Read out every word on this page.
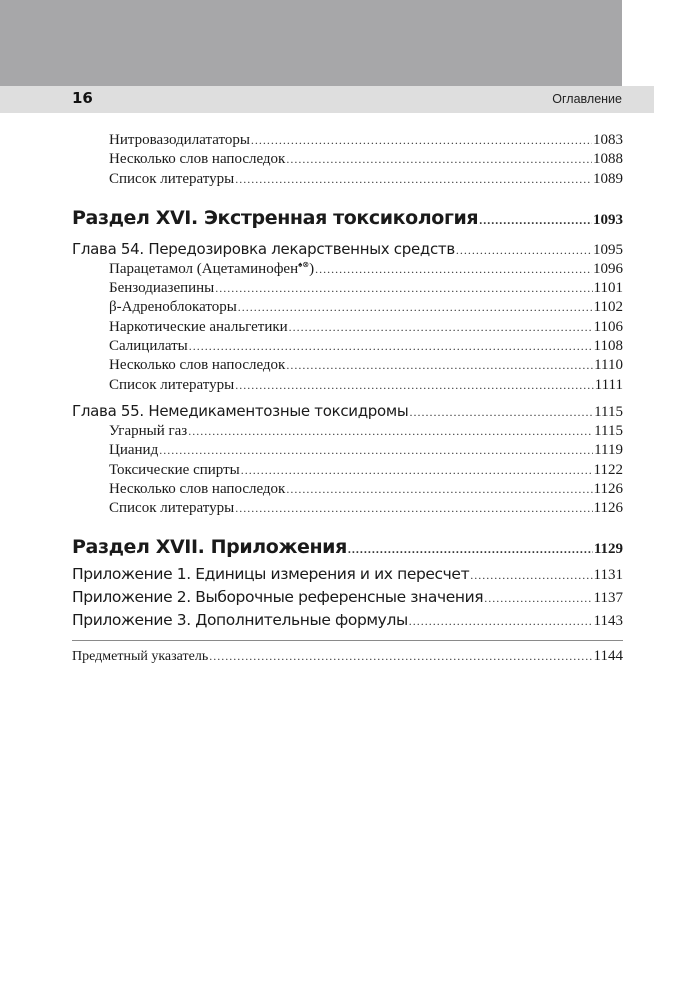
16	Оглавление
Нитровазодилататоры .....	1083
Несколько слов напоследок .....	1088
Список литературы .....	1089
Раздел XVI. Экстренная токсикология .....	1093
Глава 54. Передозировка лекарственных средств .....	1095
Парацетамол (Ацетаминофен♠⊗) .....	1096
Бензодиазепины .....	1101
β-Адреноблокаторы .....	1102
Наркотические анальгетики .....	1106
Салицилаты .....	1108
Несколько слов напоследок .....	1110
Список литературы .....	1111
Глава 55. Немедикаментозные токсидромы .....	1115
Угарный газ .....	1115
Цианид .....	1119
Токсические спирты .....	1122
Несколько слов напоследок .....	1126
Список литературы .....	1126
Раздел XVII. Приложения .....	1129
Приложение 1. Единицы измерения и их пересчет .....	1131
Приложение 2. Выборочные референсные значения .....	1137
Приложение 3. Дополнительные формулы .....	1143
Предметный указатель .....	1144
